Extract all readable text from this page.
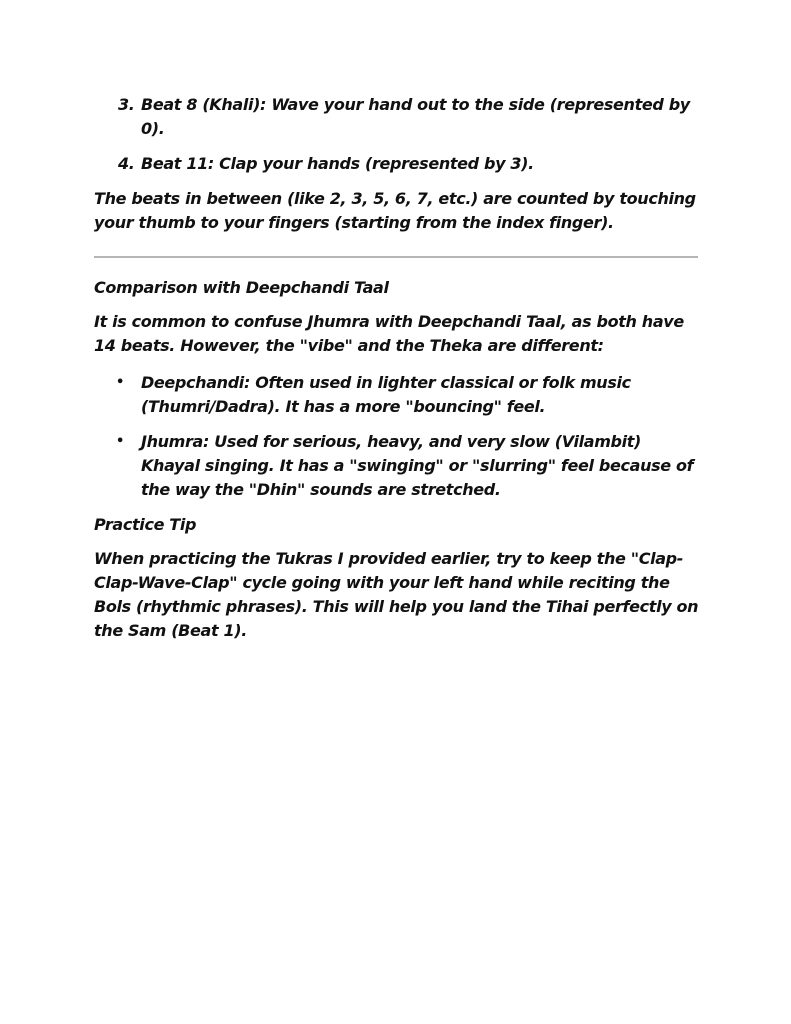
3. Beat 8 (Khali): Wave your hand out to the side (represented by 0).
4. Beat 11: Clap your hands (represented by 3).

The beats in between (like 2, 3, 5, 6, 7, etc.) are counted by touching your thumb to your fingers (starting from the index finger).

Comparison with Deepchandi Taal

It is common to confuse Jhumra with Deepchandi Taal, as both have 14 beats. However, the "vibe" and the Theka are different:

• Deepchandi: Often used in lighter classical or folk music (Thumri/Dadra). It has a more "bouncing" feel.
• Jhumra: Used for serious, heavy, and very slow (Vilambit) Khayal singing. It has a "swinging" or "slurring" feel because of the way the "Dhin" sounds are stretched.

Practice Tip

When practicing the Tukras I provided earlier, try to keep the "Clap-Clap-Wave-Clap" cycle going with your left hand while reciting the Bols (rhythmic phrases). This will help you land the Tihai perfectly on the Sam (Beat 1).
